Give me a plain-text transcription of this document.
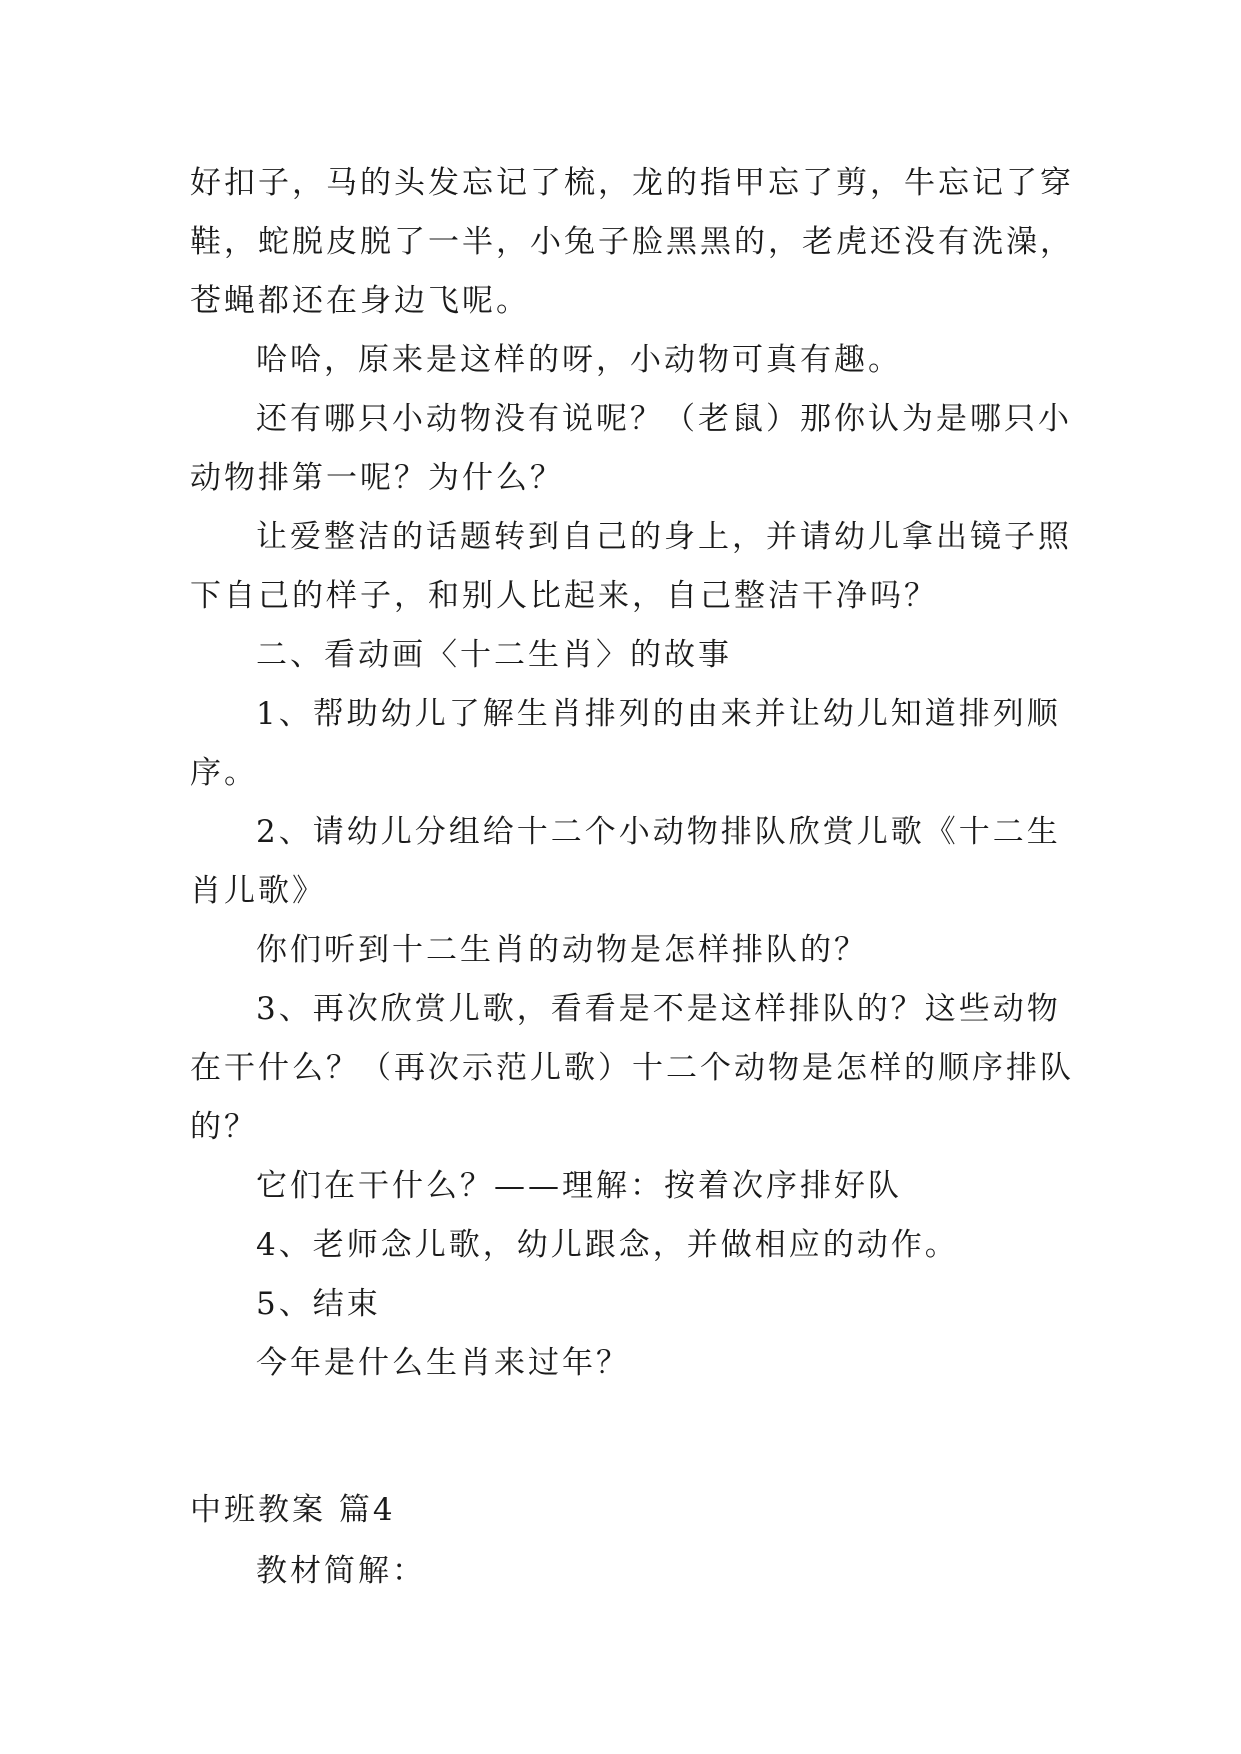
好扣子，马的头发忘记了梳，龙的指甲忘了剪，牛忘记了穿
鞋，蛇脱皮脱了一半，小兔子脸黑黑的，老虎还没有洗澡，
苍蝇都还在身边飞呢。
哈哈，原来是这样的呀，小动物可真有趣。
还有哪只小动物没有说呢？（老鼠）那你认为是哪只小
动物排第一呢？为什么？
让爱整洁的话题转到自己的身上，并请幼儿拿出镜子照
下自己的样子，和别人比起来，自己整洁干净吗？
二、看动画〈十二生肖〉的故事
1、帮助幼儿了解生肖排列的由来并让幼儿知道排列顺
序。
2、请幼儿分组给十二个小动物排队欣赏儿歌《十二生
肖儿歌》
你们听到十二生肖的动物是怎样排队的？
3、再次欣赏儿歌，看看是不是这样排队的？这些动物
在干什么？（再次示范儿歌）十二个动物是怎样的顺序排队
的？
它们在干什么？——理解：按着次序排好队
4、老师念儿歌，幼儿跟念，并做相应的动作。
5、结束
今年是什么生肖来过年？
中班教案 篇4
教材简解：
